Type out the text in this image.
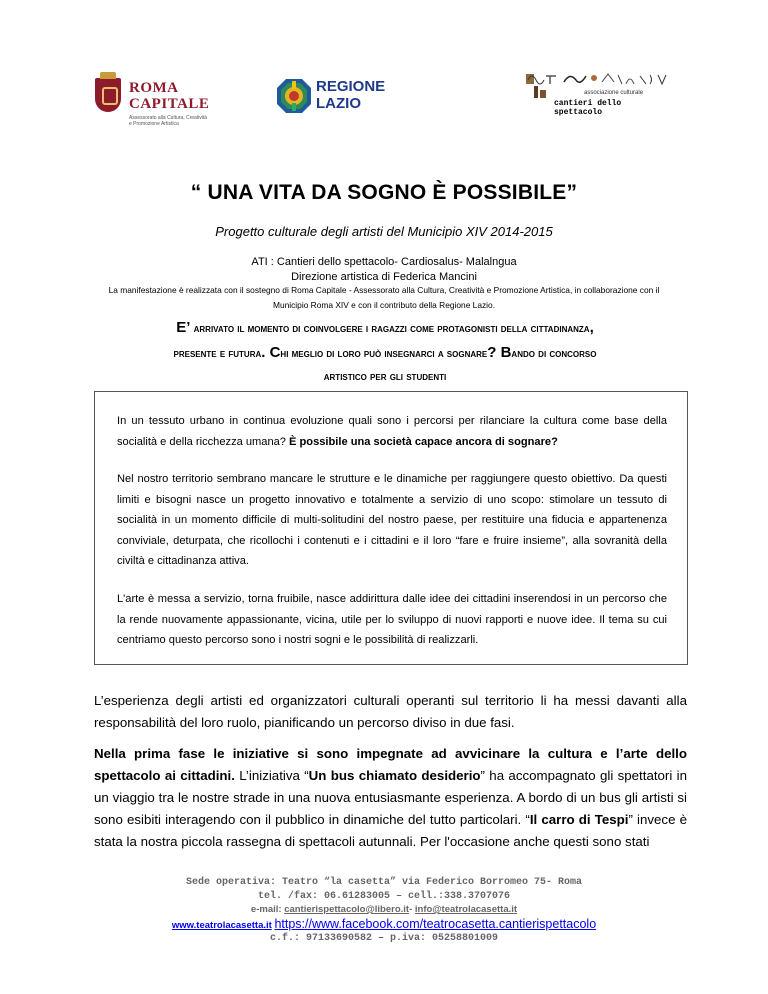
ROMA
CAPITALE
Assessorato alla Cultura, Creatività e Promozione Artistica
REGIONE
LAZIO
associazione culturale
cantieri dello spettacolo
“ UNA VITA DA SOGNO È POSSIBILE”
Progetto culturale degli artisti del Municipio XIV 2014-2015
ATI : Cantieri dello spettacolo- Cardiosalus- Malalngua
Direzione artistica di Federica Mancini
La manifestazione è realizzata con il sostegno di Roma Capitale - Assessorato alla Cultura, Creatività e Promozione Artistica, in collaborazione con il
Municipio Roma XIV e con il contributo della Regione Lazio.
E’ arrivato il momento di coinvolgere i ragazzi come protagonisti della cittadinanza,
presente e futura. Chi meglio di loro può insegnarci a sognare? Bando di concorso
artistico per gli studenti
In un tessuto urbano in continua evoluzione quali sono i percorsi per rilanciare la cultura come base della socialità e della ricchezza umana? È possibile una società capace ancora di sognare?
Nel nostro territorio sembrano mancare le strutture e le dinamiche per raggiungere questo obiettivo. Da questi limiti e bisogni nasce un progetto innovativo e totalmente a servizio di uno scopo: stimolare un tessuto di socialità in un momento difficile di multi-solitudini del nostro paese, per restituire una fiducia e appartenenza conviviale, deturpata, che ricollochi i contenuti e i cittadini e il loro “fare e fruire insieme”, alla sovranità della civiltà e cittadinanza attiva.
L'arte è messa a servizio, torna fruibile, nasce addirittura dalle idee dei cittadini inserendosi in un percorso che la rende nuovamente appassionante, vicina, utile per lo sviluppo di nuovi rapporti e nuove idee. Il tema su cui centriamo questo percorso sono i nostri sogni e le possibilità di realizzarli.
L’esperienza degli artisti ed organizzatori culturali operanti sul territorio li ha messi davanti alla responsabilità del loro ruolo, pianificando un percorso diviso in due fasi.
Nella prima fase le iniziative si sono impegnate ad avvicinare la cultura e l’arte dello spettacolo ai cittadini. L’iniziativa “Un bus chiamato desiderio” ha accompagnato gli spettatori in un viaggio tra le nostre strade in una nuova entusiasmante esperienza. A bordo di un bus gli artisti si sono esibiti interagendo con il pubblico in dinamiche del tutto particolari. “Il carro di Tespi” invece è stata la nostra piccola rassegna di spettacoli autunnali. Per l'occasione anche questi sono stati
Sede operativa: Teatro “la casetta” via Federico Borromeo 75- Roma
tel. /fax: 06.61283005 – cell.:338.3707076
e-mail: cantierispettacolo@libero.it- info@teatrolacasetta.it
www.teatrolacasetta.it https://www.facebook.com/teatrocasetta.cantierispettacolo
c.f.: 97133690582 – p.iva: 05258801009
